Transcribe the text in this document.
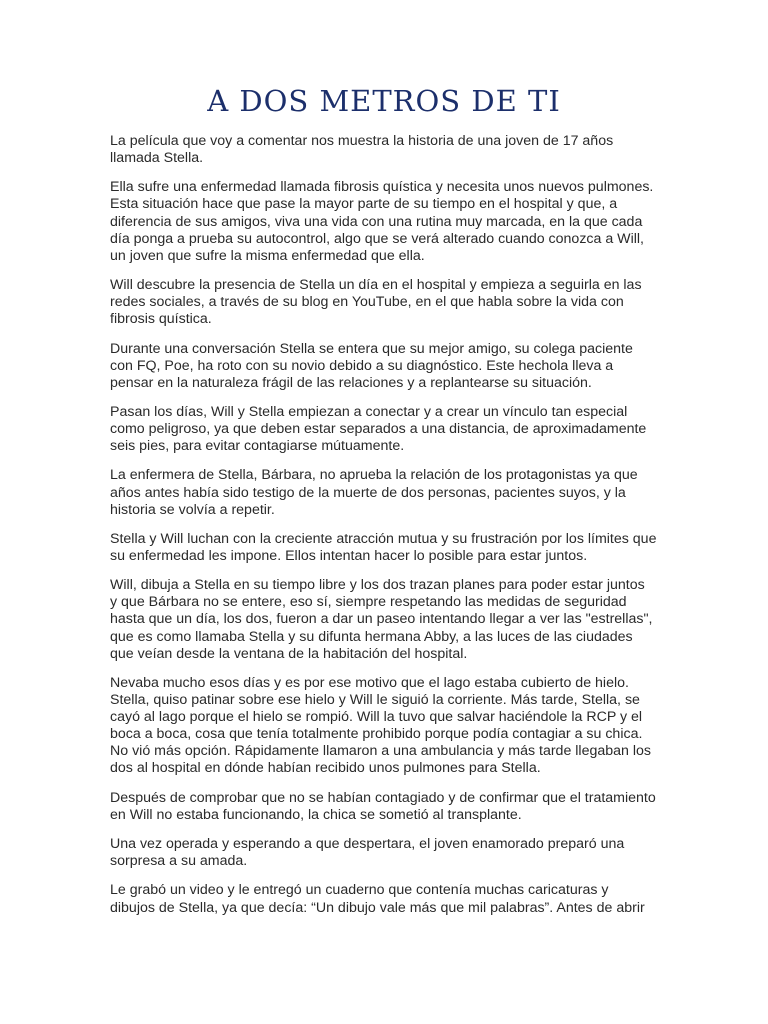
A DOS METROS DE TI

La película que voy a comentar nos muestra la historia de una joven de 17 años
llamada Stella.

Ella sufre una enfermedad llamada fibrosis quística y necesita unos nuevos pulmones.
Esta situación hace que pase la mayor parte de su tiempo en el hospital y que, a
diferencia de sus amigos, viva una vida con una rutina muy marcada, en la que cada
día ponga a prueba su autocontrol, algo que se verá alterado cuando conozca a Will,
un joven que sufre la misma enfermedad que ella.

Will descubre la presencia de Stella un día en el hospital y empieza a seguirla en las
redes sociales, a través de su blog en YouTube, en el que habla sobre la vida con
fibrosis quística.

Durante una conversación Stella se entera que su mejor amigo, su colega paciente
con FQ, Poe, ha roto con su novio debido a su diagnóstico. Este hechola lleva a
pensar en la naturaleza frágil de las relaciones y a replantearse su situación.

Pasan los días, Will y Stella empiezan a conectar y a crear un vínculo tan especial
como peligroso, ya que deben estar separados a una distancia, de aproximadamente
seis pies, para evitar contagiarse mútuamente.

La enfermera de Stella, Bárbara, no aprueba la relación de los protagonistas ya que
años antes había sido testigo de la muerte de dos personas, pacientes suyos, y la
historia se volvía a repetir.

Stella y Will luchan con la creciente atracción mutua y su frustración por los límites que
su enfermedad les impone. Ellos intentan hacer lo posible para estar juntos.

Will, dibuja a Stella en su tiempo libre y los dos trazan planes para poder estar juntos
y que Bárbara no se entere, eso sí, siempre respetando las medidas de seguridad
hasta que un día, los dos, fueron a dar un paseo intentando llegar a ver las "estrellas",
que es como llamaba Stella y su difunta hermana Abby, a las luces de las ciudades
que veían desde la ventana de la habitación del hospital.

Nevaba mucho esos días y es por ese motivo que el lago estaba cubierto de hielo.
Stella, quiso patinar sobre ese hielo y Will le siguió la corriente. Más tarde, Stella, se
cayó al lago porque el hielo se rompió. Will la tuvo que salvar haciéndole la RCP y el
boca a boca, cosa que tenía totalmente prohibido porque podía contagiar a su chica.
No vió más opción. Rápidamente llamaron a una ambulancia y más tarde llegaban los
dos al hospital en dónde habían recibido unos pulmones para Stella.

Después de comprobar que no se habían contagiado y de confirmar que el tratamiento
en Will no estaba funcionando, la chica se sometió al transplante.

Una vez operada y esperando a que despertara, el joven enamorado preparó una
sorpresa a su amada.

Le grabó un video y le entregó un cuaderno que contenía muchas caricaturas y
dibujos de Stella, ya que decía: “Un dibujo vale más que mil palabras”. Antes de abrir
